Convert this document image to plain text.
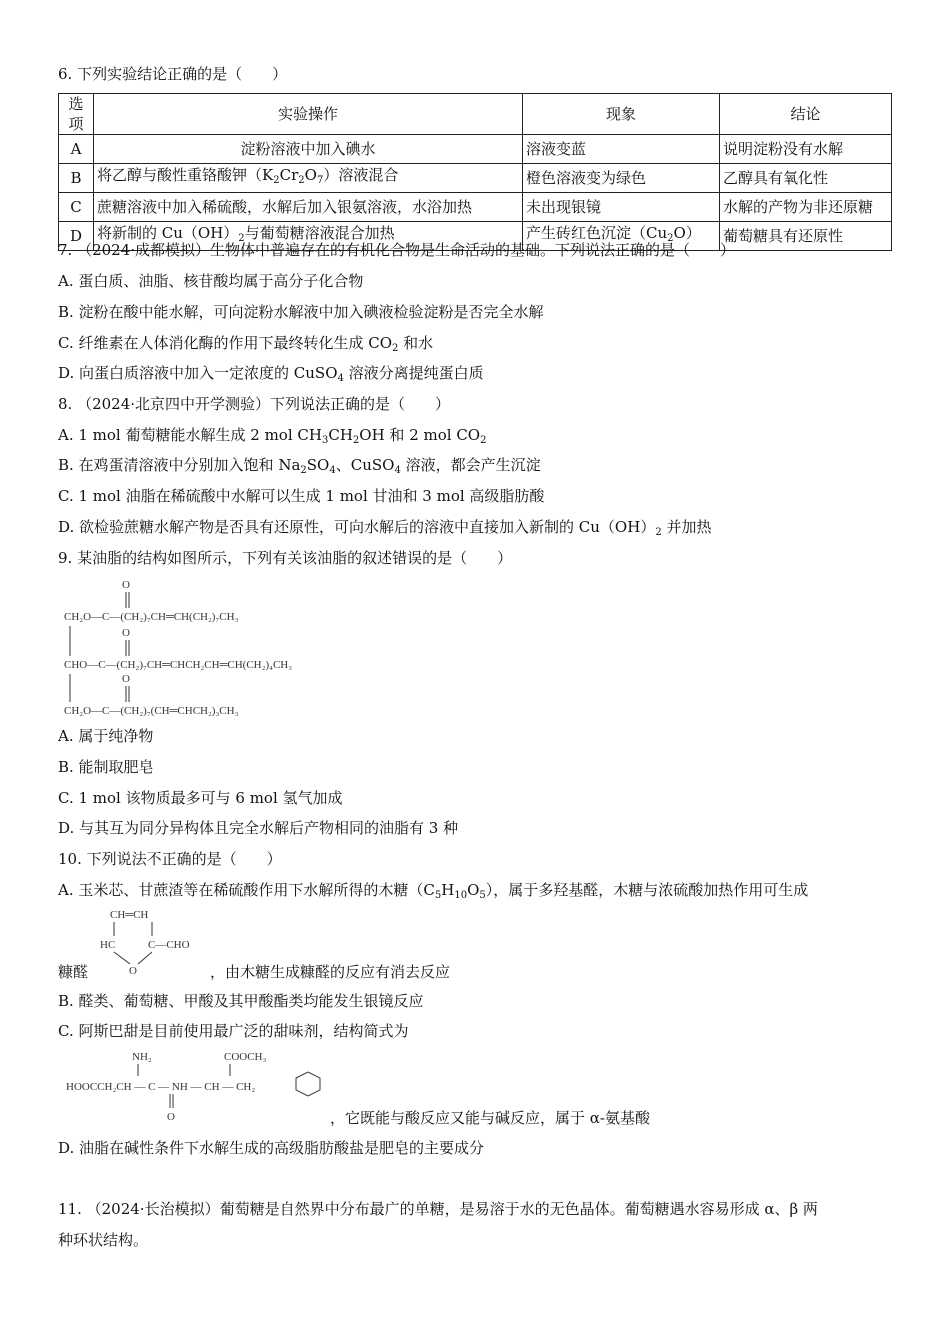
6. 下列实验结论正确的是（　　）
选项	实验操作	现象	结论
A	淀粉溶液中加入碘水	溶液变蓝	说明淀粉没有水解
B	将乙醇与酸性重铬酸钾$(K_2Cr_2O_7)$溶液混合	橙色溶液变为绿色	乙醇具有氧化性
C	蔗糖溶液中加入稀硫酸，水解后加入银氨溶液，水浴加热	未出现银镜	水解的产物为非还原糖
D	将新制的 $Cu(OH)_2$与葡萄糖溶液混合加热	产生砖红色沉淀$(Cu_2O)$	葡萄糖具有还原性
7. （2024·成都模拟）生物体中普遍存在的有机化合物是生命活动的基础。下列说法正确的是（　　）
A. 蛋白质、油脂、核苷酸均属于高分子化合物
B. 淀粉在酸中能水解，可向淀粉水解液中加入碘液检验淀粉是否完全水解
C. 纤维素在人体消化酶的作用下最终转化生成 $CO_2$ 和水
D. 向蛋白质溶液中加入一定浓度的 CuSO$_4$ 溶液分离提纯蛋白质
8. （2024·北京四中开学测验）下列说法正确的是（　　）
A. 1 mol 葡萄糖能水解生成 2 mol $CH_3CH_2OH$ 和 2 mol $CO_2$
B. 在鸡蛋清溶液中分别加入饱和 $Na_2SO_4$、CuSO$_4$ 溶液，都会产生沉淀
C. 1 mol 油脂在稀硫酸中水解可以生成 1 mol 甘油和 3 mol 高级脂肪酸
D. 欲检验蔗糖水解产物是否具有还原性，可向水解后的溶液中直接加入新制的 $Cu(OH)_2$ 并加热
9. 某油脂的结构如图所示，下列有关该油脂的叙述错误的是（　　）
O
CH₂O—C—(CH₂)₇CH═CH(CH₂)₇CH₃
O
CHO—C—(CH₂)₇CH═CHCH₂CH═CH(CH₂)₄CH₃
O
CH₂O—C—(CH₂)₇(CH═CHCH₂)₃CH₃
A. 属于纯净物
B. 能制取肥皂
C. 1 mol 该物质最多可与 6 mol 氢气加成
D. 与其互为同分异构体且完全水解后产物相同的油脂有 3 种
10. 下列说法不正确的是（　　）
A. 玉米芯、甘蔗渣等在稀硫酸作用下水解所得的木糖$(C_5H_{10}O_5)$，属于多羟基醛，木糖与浓硫酸加热作用可生成
CH═CH
HC	C—CHO
O
糠醛	，由木糖生成糠醛的反应有消去反应
B. 醛类、葡萄糖、甲酸及其甲酸酯类均能发生银镜反应
C. 阿斯巴甜是目前使用最广泛的甜味剂，结构简式为
NH₂	COOCH₃
HOOCCH₂CH — C — NH — CH — CH₂
O	，它既能与酸反应又能与碱反应，属于 α-氨基酸
D. 油脂在碱性条件下水解生成的高级脂肪酸盐是肥皂的主要成分
11. （2024·长治模拟）葡萄糖是自然界中分布最广的单糖，是易溶于水的无色晶体。葡萄糖遇水容易形成 α、β 两
种环状结构。
